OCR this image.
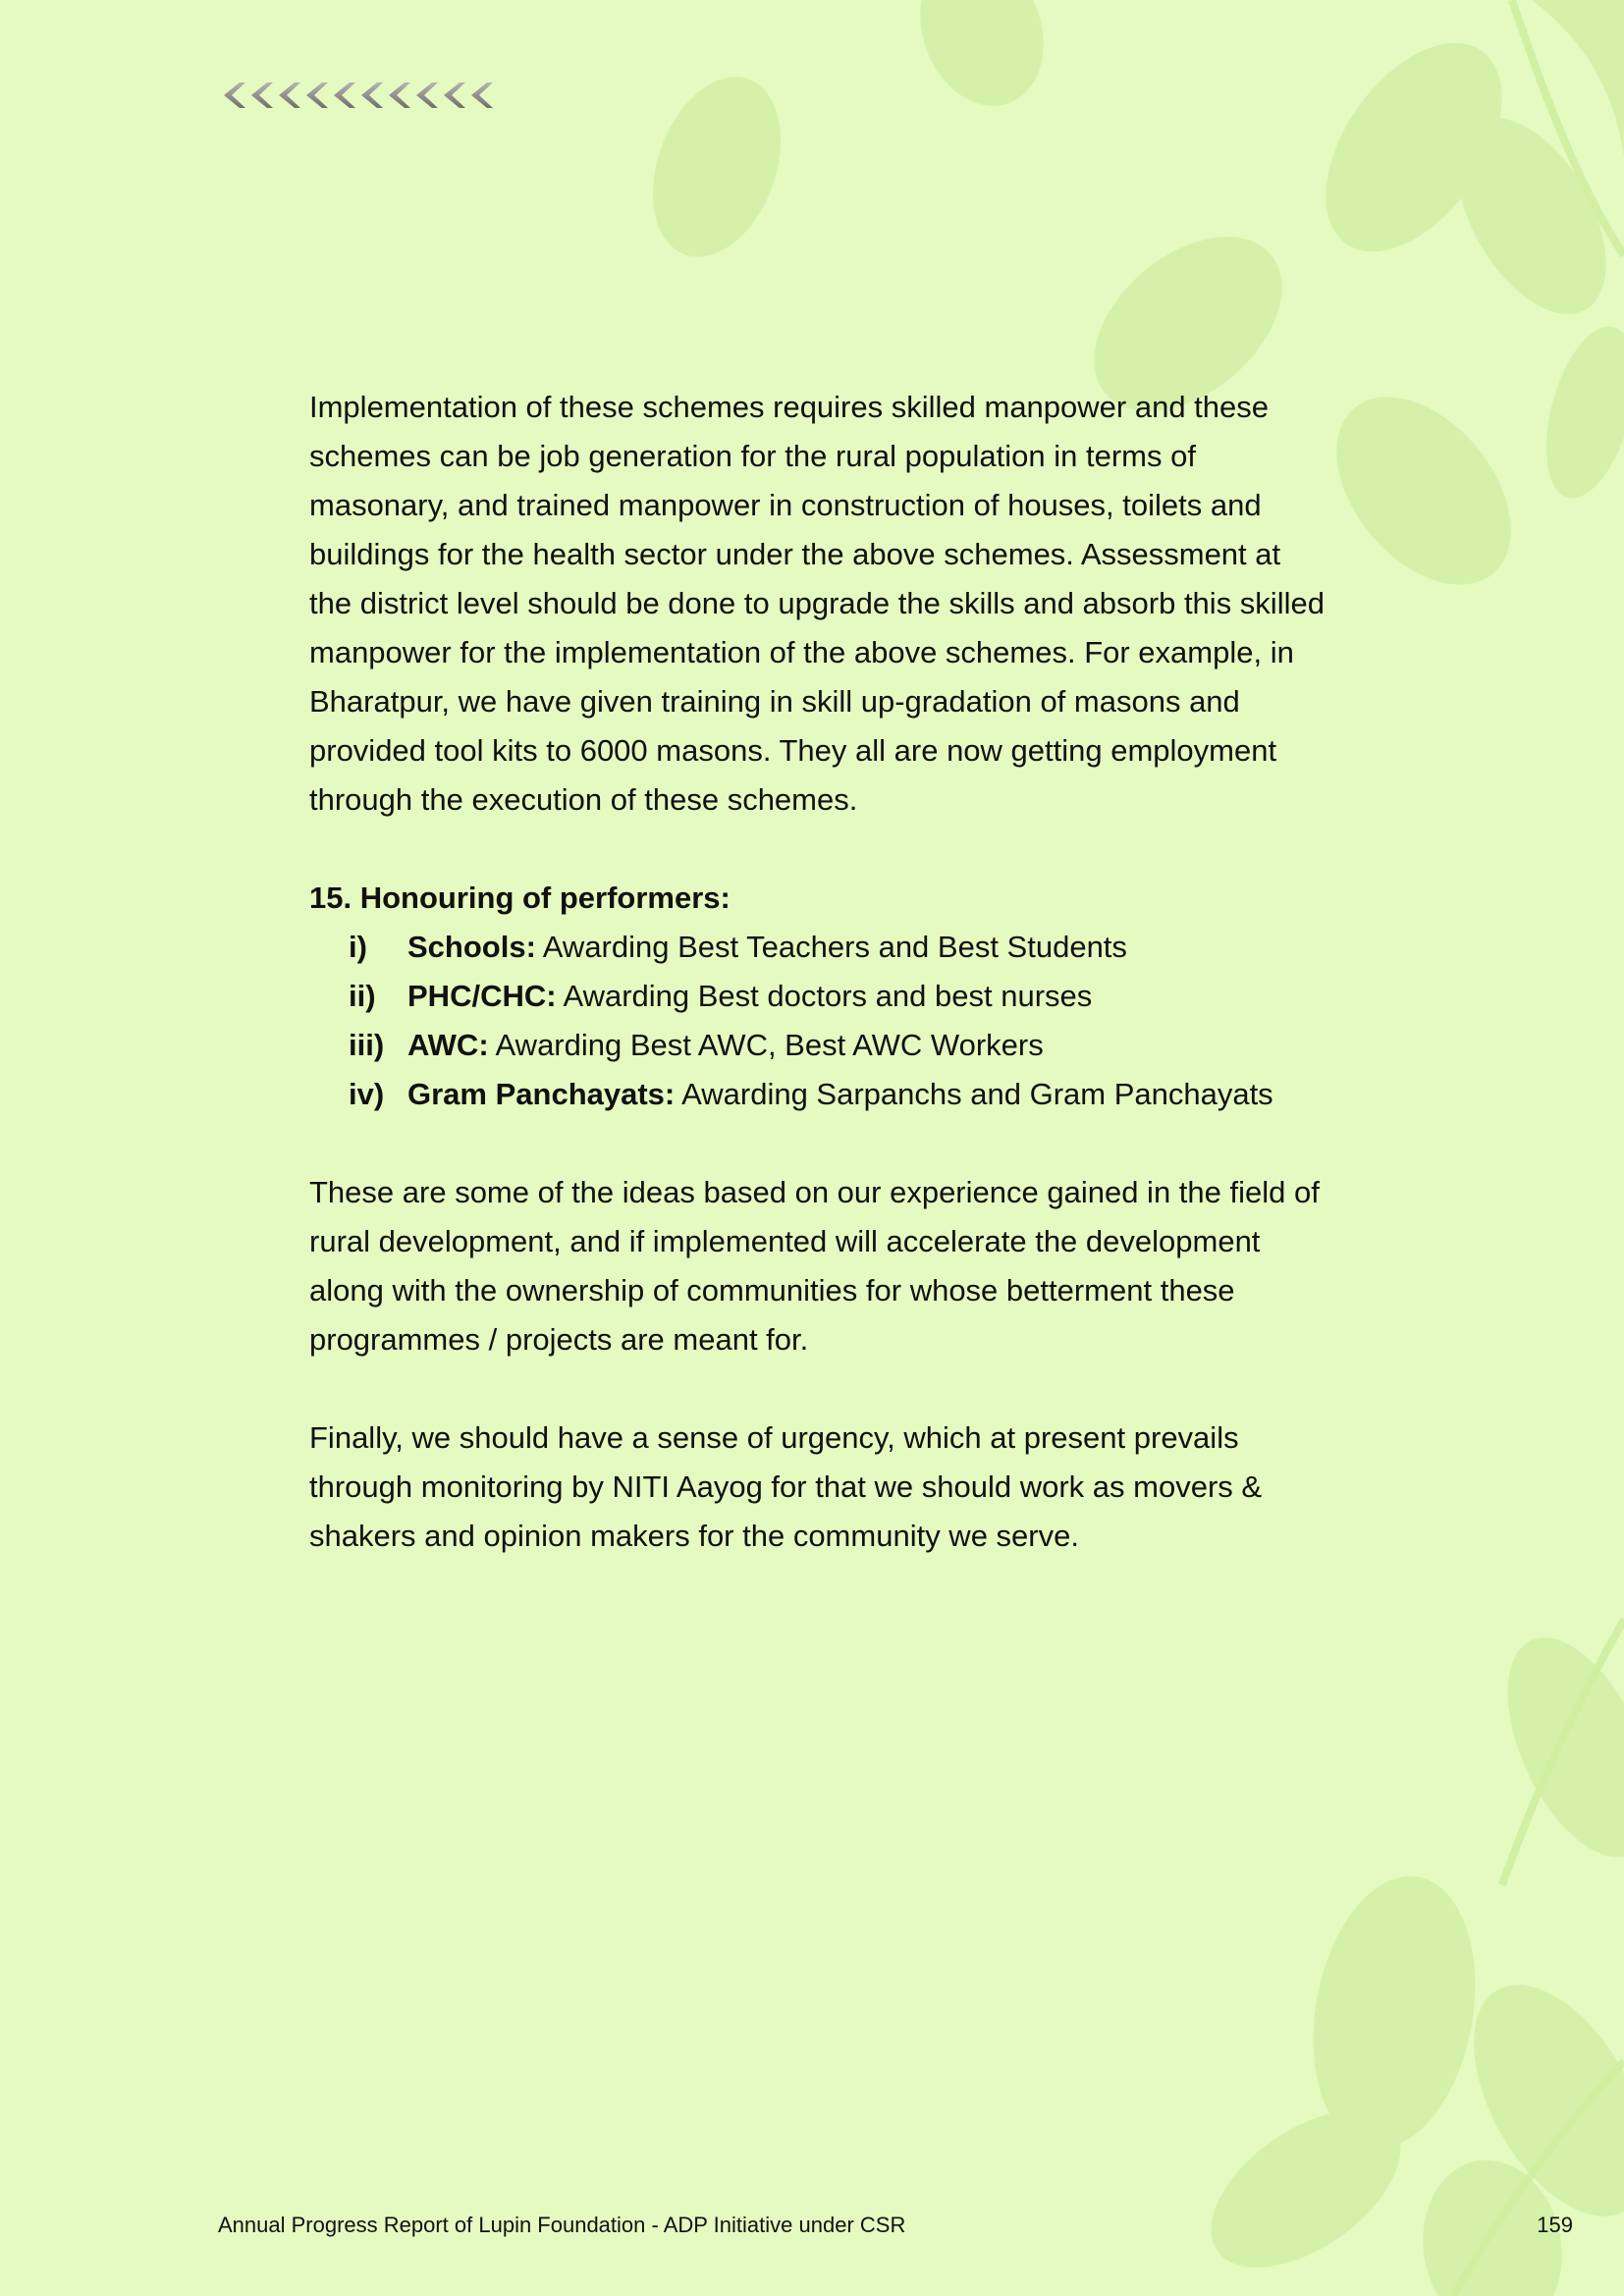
Implementation of these schemes requires skilled manpower and these schemes can be job generation for the rural population in terms of masonary, and trained manpower in construction of houses, toilets and buildings for the health sector under the above schemes. Assessment at the district level should be done to upgrade the skills and absorb this skilled manpower for the implementation of the above schemes. For example, in Bharatpur, we have given training in skill up-gradation of masons and provided tool kits to 6000 masons. They all are now getting employment through the execution of these schemes.

15. Honouring of performers:

i)	Schools: Awarding Best Teachers and Best Students
ii)	PHC/CHC: Awarding Best doctors and best nurses
iii) AWC: Awarding Best AWC, Best AWC Workers
iv) Gram Panchayats: Awarding Sarpanchs and Gram Panchayats

These are some of the ideas based on our experience gained in the field of rural development, and if implemented will accelerate the development along with the ownership of communities for whose betterment these programmes / projects are meant for.

Finally, we should have a sense of urgency, which at present prevails through monitoring by NITI Aayog for that we should work as movers & shakers and opinion makers for the community we serve.

Annual Progress Report of Lupin Foundation - ADP Initiative under CSR	159
